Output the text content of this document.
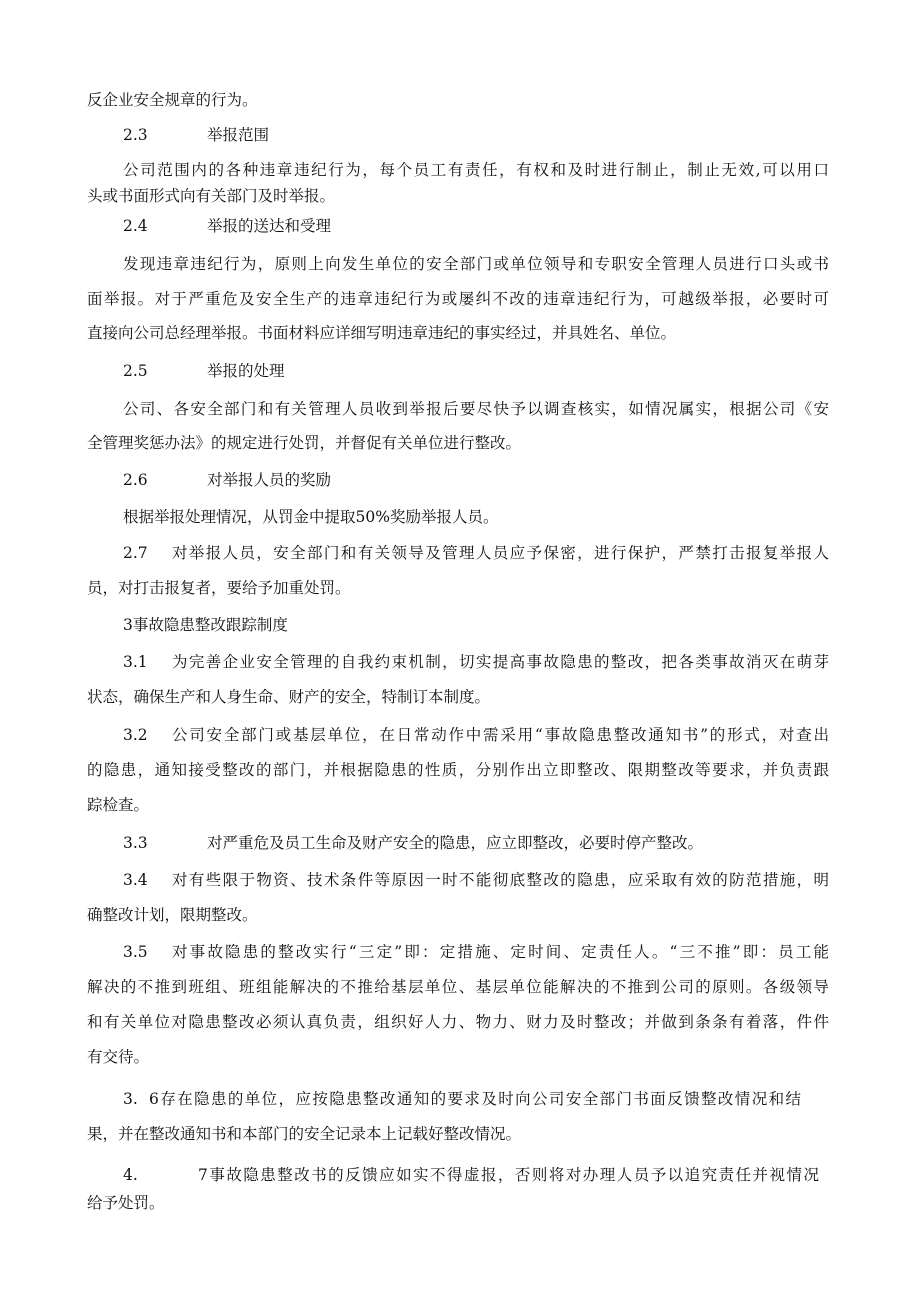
反企业安全规章的行为。
2.3	举报范围
公司范围内的各种违章违纪行为，每个员工有责任，有权和及时进行制止，制止无效,可以用口
头或书面形式向有关部门及时举报。
2.4	举报的送达和受理
发现违章违纪行为，原则上向发生单位的安全部门或单位领导和专职安全管理人员进行口头或书
面举报。对于严重危及安全生产的违章违纪行为或屡纠不改的违章违纪行为，可越级举报，必要时可
直接向公司总经理举报。书面材料应详细写明违章违纪的事实经过，并具姓名、单位。
2.5	举报的处理
公司、各安全部门和有关管理人员收到举报后要尽快予以调查核实，如情况属实，根据公司《安
全管理奖惩办法》的规定进行处罚，并督促有关单位进行整改。
2.6	对举报人员的奖励
根据举报处理情况，从罚金中提取50%奖励举报人员。
2.7 对举报人员，安全部门和有关领导及管理人员应予保密，进行保护，严禁打击报复举报人
员，对打击报复者，要给予加重处罚。
3事故隐患整改跟踪制度
3.1 为完善企业安全管理的自我约束机制，切实提高事故隐患的整改，把各类事故消灭在萌芽
状态，确保生产和人身生命、财产的安全，特制订本制度。
3.2 公司安全部门或基层单位，在日常动作中需采用“事故隐患整改通知书”的形式，对查出
的隐患，通知接受整改的部门，并根据隐患的性质，分别作出立即整改、限期整改等要求，并负责跟
踪检查。
3.3	对严重危及员工生命及财产安全的隐患，应立即整改，必要时停产整改。
3.4 对有些限于物资、技术条件等原因一时不能彻底整改的隐患，应采取有效的防范措施，明
确整改计划，限期整改。
3.5 对事故隐患的整改实行“三定”即：定措施、定时间、定责任人。“三不推”即：员工能
解决的不推到班组、班组能解决的不推给基层单位、基层单位能解决的不推到公司的原则。各级领导
和有关单位对隐患整改必须认真负责，组织好人力、物力、财力及时整改；并做到条条有着落，件件
有交待。
3. 6存在隐患的单位，应按隐患整改通知的要求及时向公司安全部门书面反馈整改情况和结
果，并在整改通知书和本部门的安全记录本上记载好整改情况。
4.	7事故隐患整改书的反馈应如实不得虚报，否则将对办理人员予以追究责任并视情况
给予处罚。
